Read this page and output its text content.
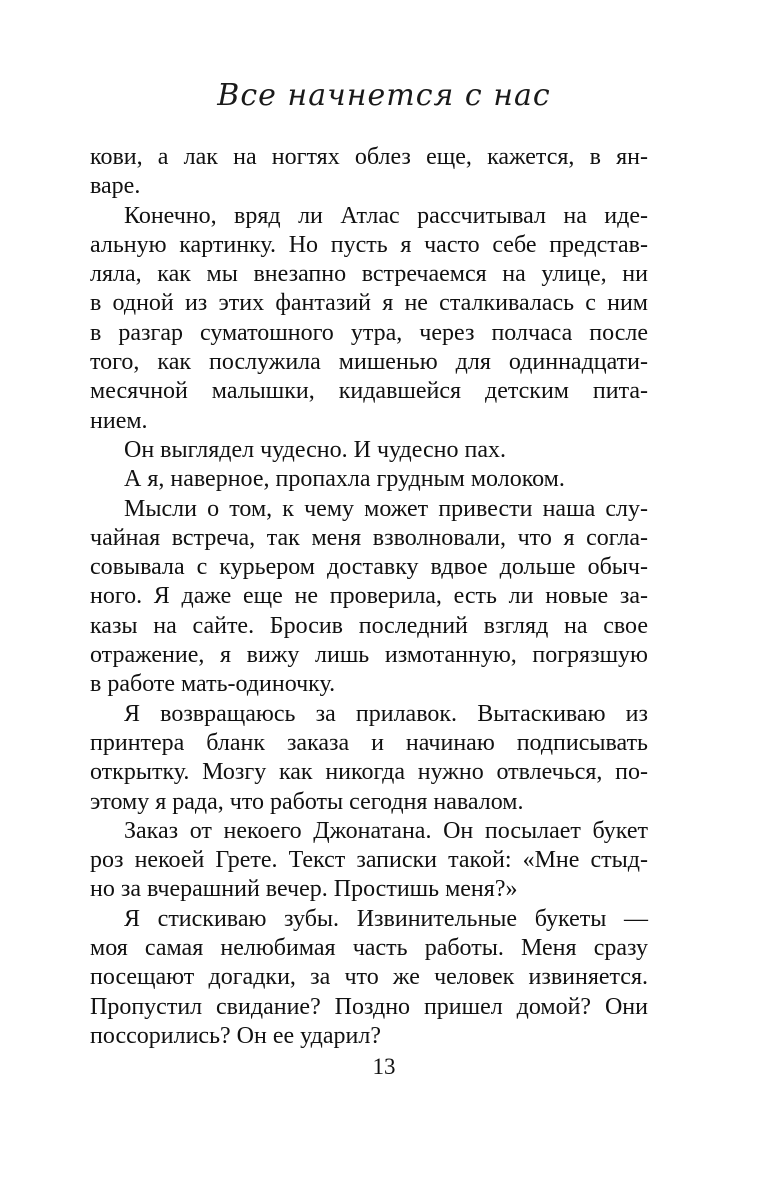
Все начнется с нас
кови, а лак на ногтях облез еще, кажется, в ян-
варе.
Конечно, вряд ли Атлас рассчитывал на иде-
альную картинку. Но пусть я часто себе представ-
ляла, как мы внезапно встречаемся на улице, ни
в одной из этих фантазий я не сталкивалась с ним
в разгар суматошного утра, через полчаса после
того, как послужила мишенью для одиннадцати-
месячной малышки, кидавшейся детским пита-
нием.
Он выглядел чудесно. И чудесно пах.
А я, наверное, пропахла грудным молоком.
Мысли о том, к чему может привести наша слу-
чайная встреча, так меня взволновали, что я согла-
совывала с курьером доставку вдвое дольше обыч-
ного. Я даже еще не проверила, есть ли новые за-
казы на сайте. Бросив последний взгляд на свое
отражение, я вижу лишь измотанную, погрязшую
в работе мать-одиночку.
Я возвращаюсь за прилавок. Вытаскиваю из
принтера бланк заказа и начинаю подписывать
открытку. Мозгу как никогда нужно отвлечься, по-
этому я рада, что работы сегодня навалом.
Заказ от некоего Джонатана. Он посылает букет
роз некоей Грете. Текст записки такой: «Мне стыд-
но за вчерашний вечер. Простишь меня?»
Я стискиваю зубы. Извинительные букеты —
моя самая нелюбимая часть работы. Меня сразу
посещают догадки, за что же человек извиняется.
Пропустил свидание? Поздно пришел домой? Они
поссорились? Он ее ударил?
13
